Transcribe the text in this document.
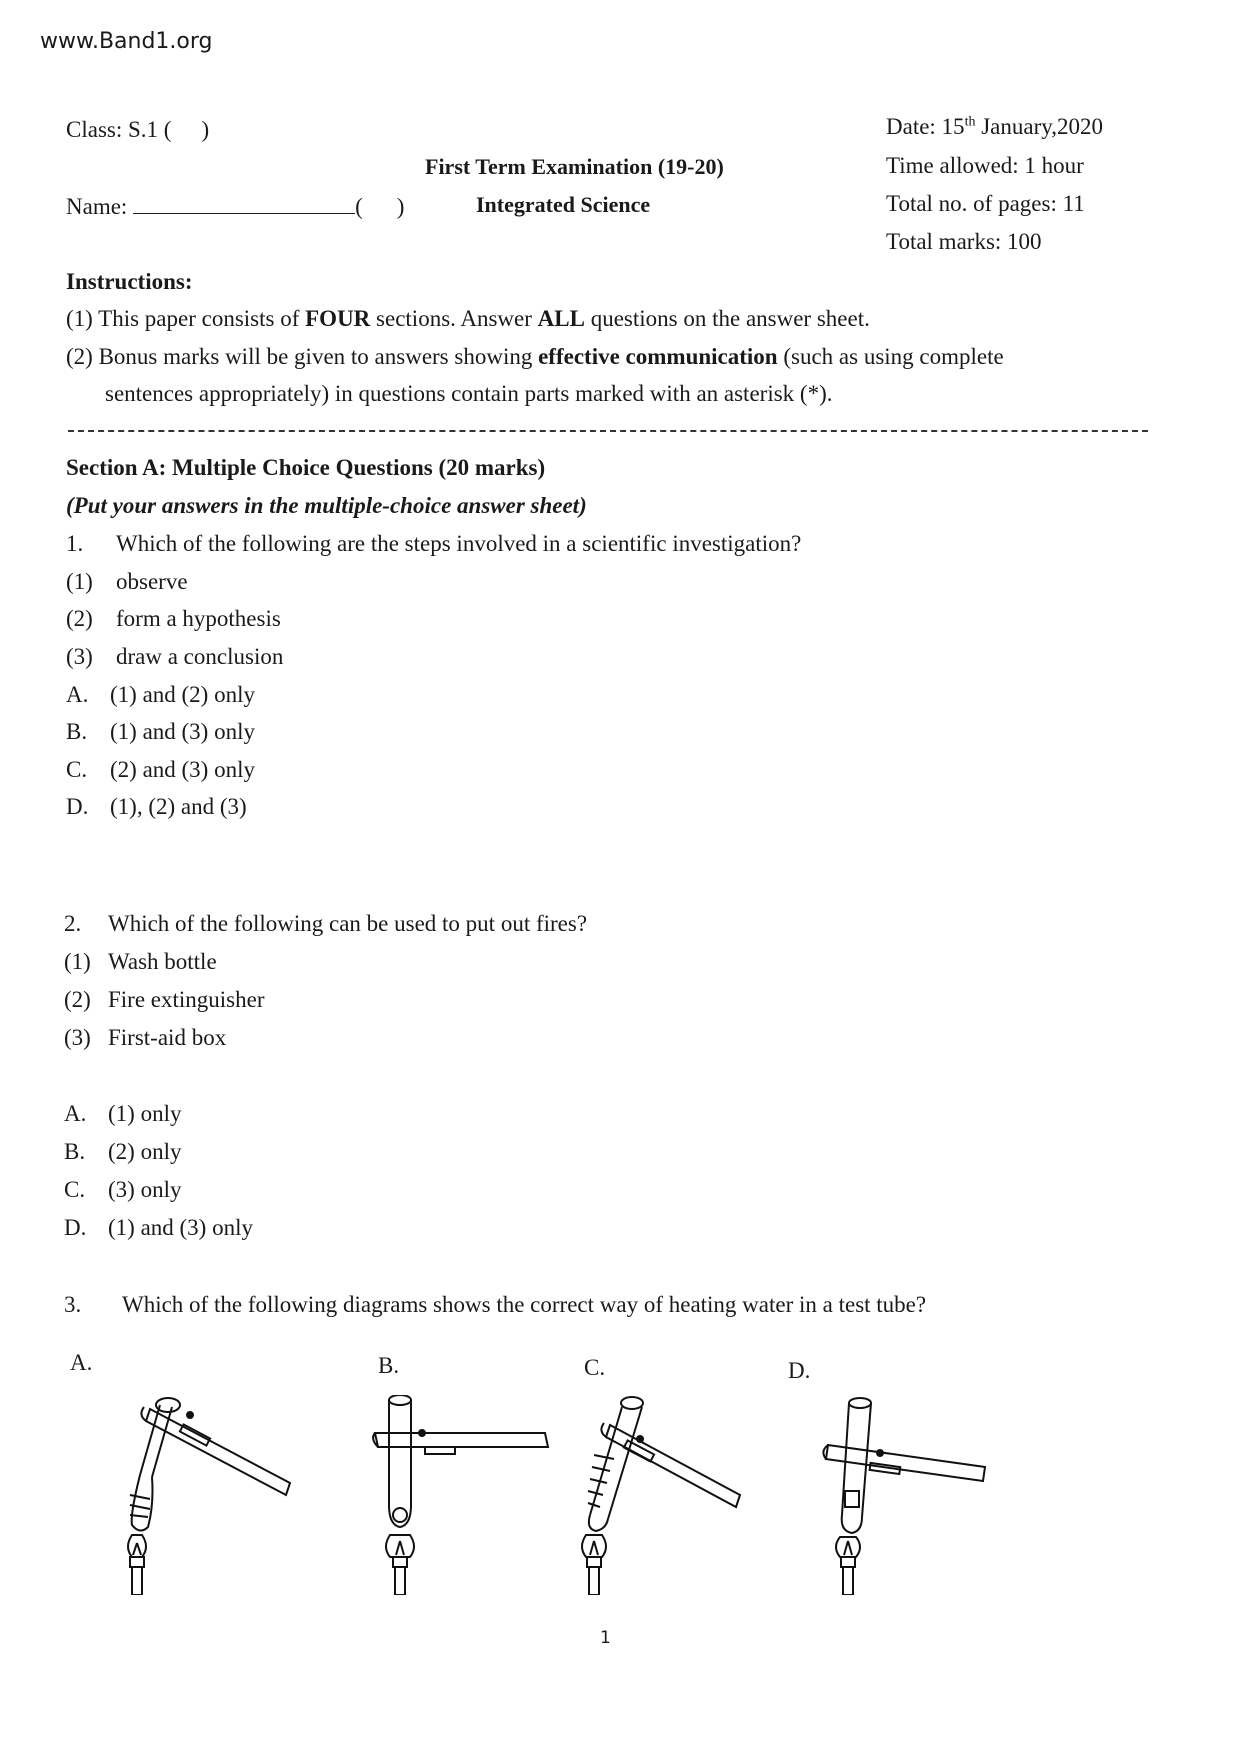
www.Band1.org
Class: S.1 ( )
Name:	( )
First Term Examination (19-20)
Integrated Science
Date: 15th January,2020
Time allowed: 1 hour
Total no. of pages: 11
Total marks: 100
Instructions:
(1) This paper consists of FOUR sections. Answer ALL questions on the answer sheet.
(2) Bonus marks will be given to answers showing effective communication (such as using complete
sentences appropriately) in questions contain parts marked with an asterisk (*).
Section A: Multiple Choice Questions (20 marks)
(Put your answers in the multiple-choice answer sheet)
1. Which of the following are the steps involved in a scientific investigation?
(1) observe
(2) form a hypothesis
(3) draw a conclusion
A. (1) and (2) only
B. (1) and (3) only
C. (2) and (3) only
D. (1), (2) and (3)
2. Which of the following can be used to put out fires?
(1) Wash bottle
(2) Fire extinguisher
(3) First-aid box
A. (1) only
B. (2) only
C. (3) only
D. (1) and (3) only
3. Which of the following diagrams shows the correct way of heating water in a test tube?
A.	B.	C.	D.
1
